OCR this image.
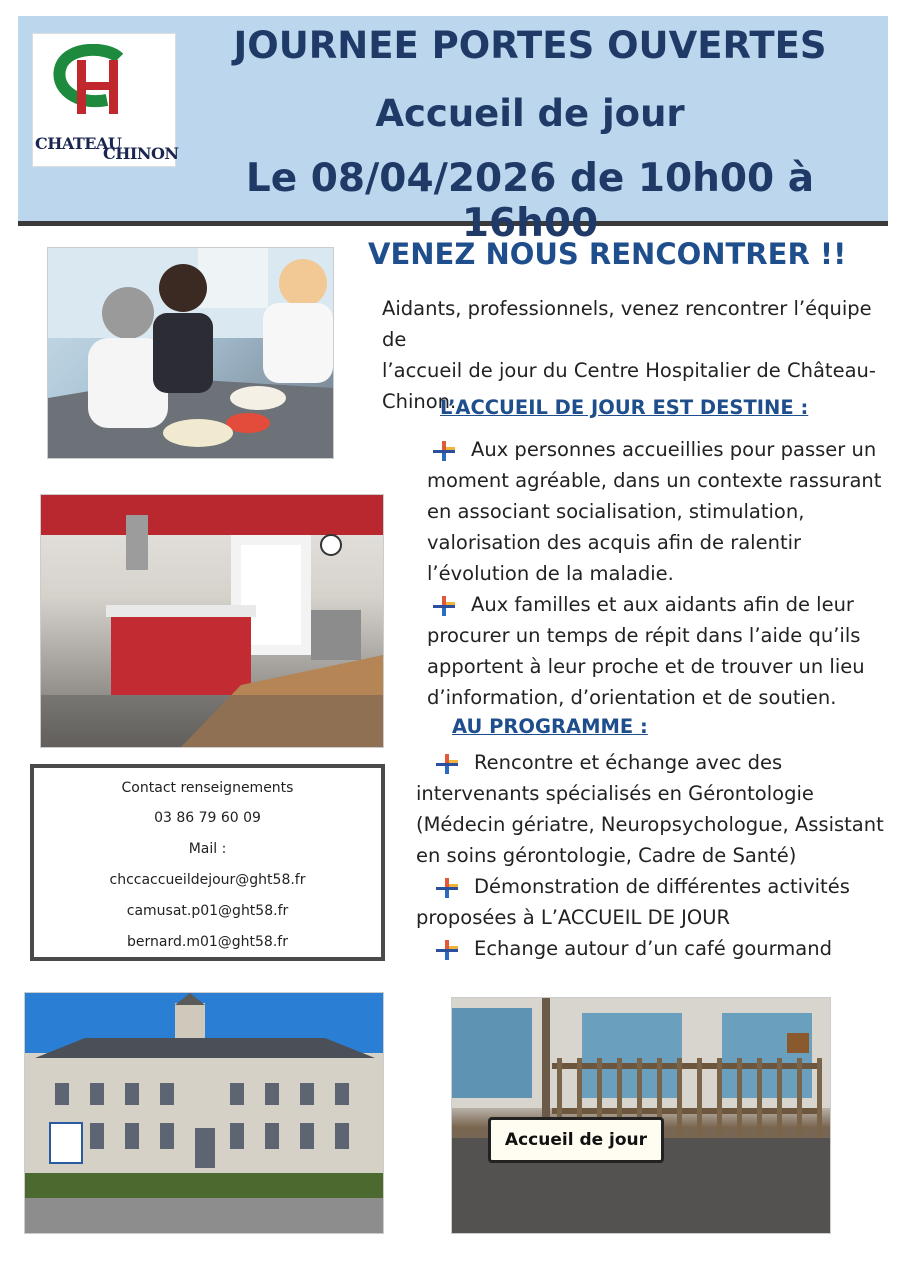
CHATEAU
CHINON
JOURNEE PORTES OUVERTES
Accueil de jour
Le 08/04/2026 de 10h00 à 16h00
Accueil de jour
Contact renseignements
03 86 79 60 09
Mail :
chccaccueildejour@ght58.fr
camusat.p01@ght58.fr
bernard.m01@ght58.fr
VENEZ NOUS RENCONTRER !!
Aidants, professionnels, venez rencontrer l’équipe de
l’accueil de jour du Centre Hospitalier de Château-
Chinon.
L’ACCUEIL DE JOUR EST DESTINE :
Aux personnes accueillies pour passer un
moment agréable, dans un contexte rassurant
en associant socialisation, stimulation,
valorisation des acquis afin de ralentir
l’évolution de la maladie.
Aux familles et aux aidants afin de leur
procurer un temps de répit dans l’aide qu’ils
apportent à leur proche et de trouver un lieu
d’information, d’orientation et de soutien.
AU PROGRAMME :
Rencontre et échange avec des
intervenants spécialisés en Gérontologie
(Médecin gériatre, Neuropsychologue, Assistant
en soins gérontologie, Cadre de Santé)
Démonstration de différentes activités
proposées à L’ACCUEIL DE JOUR
Echange autour d’un café gourmand
